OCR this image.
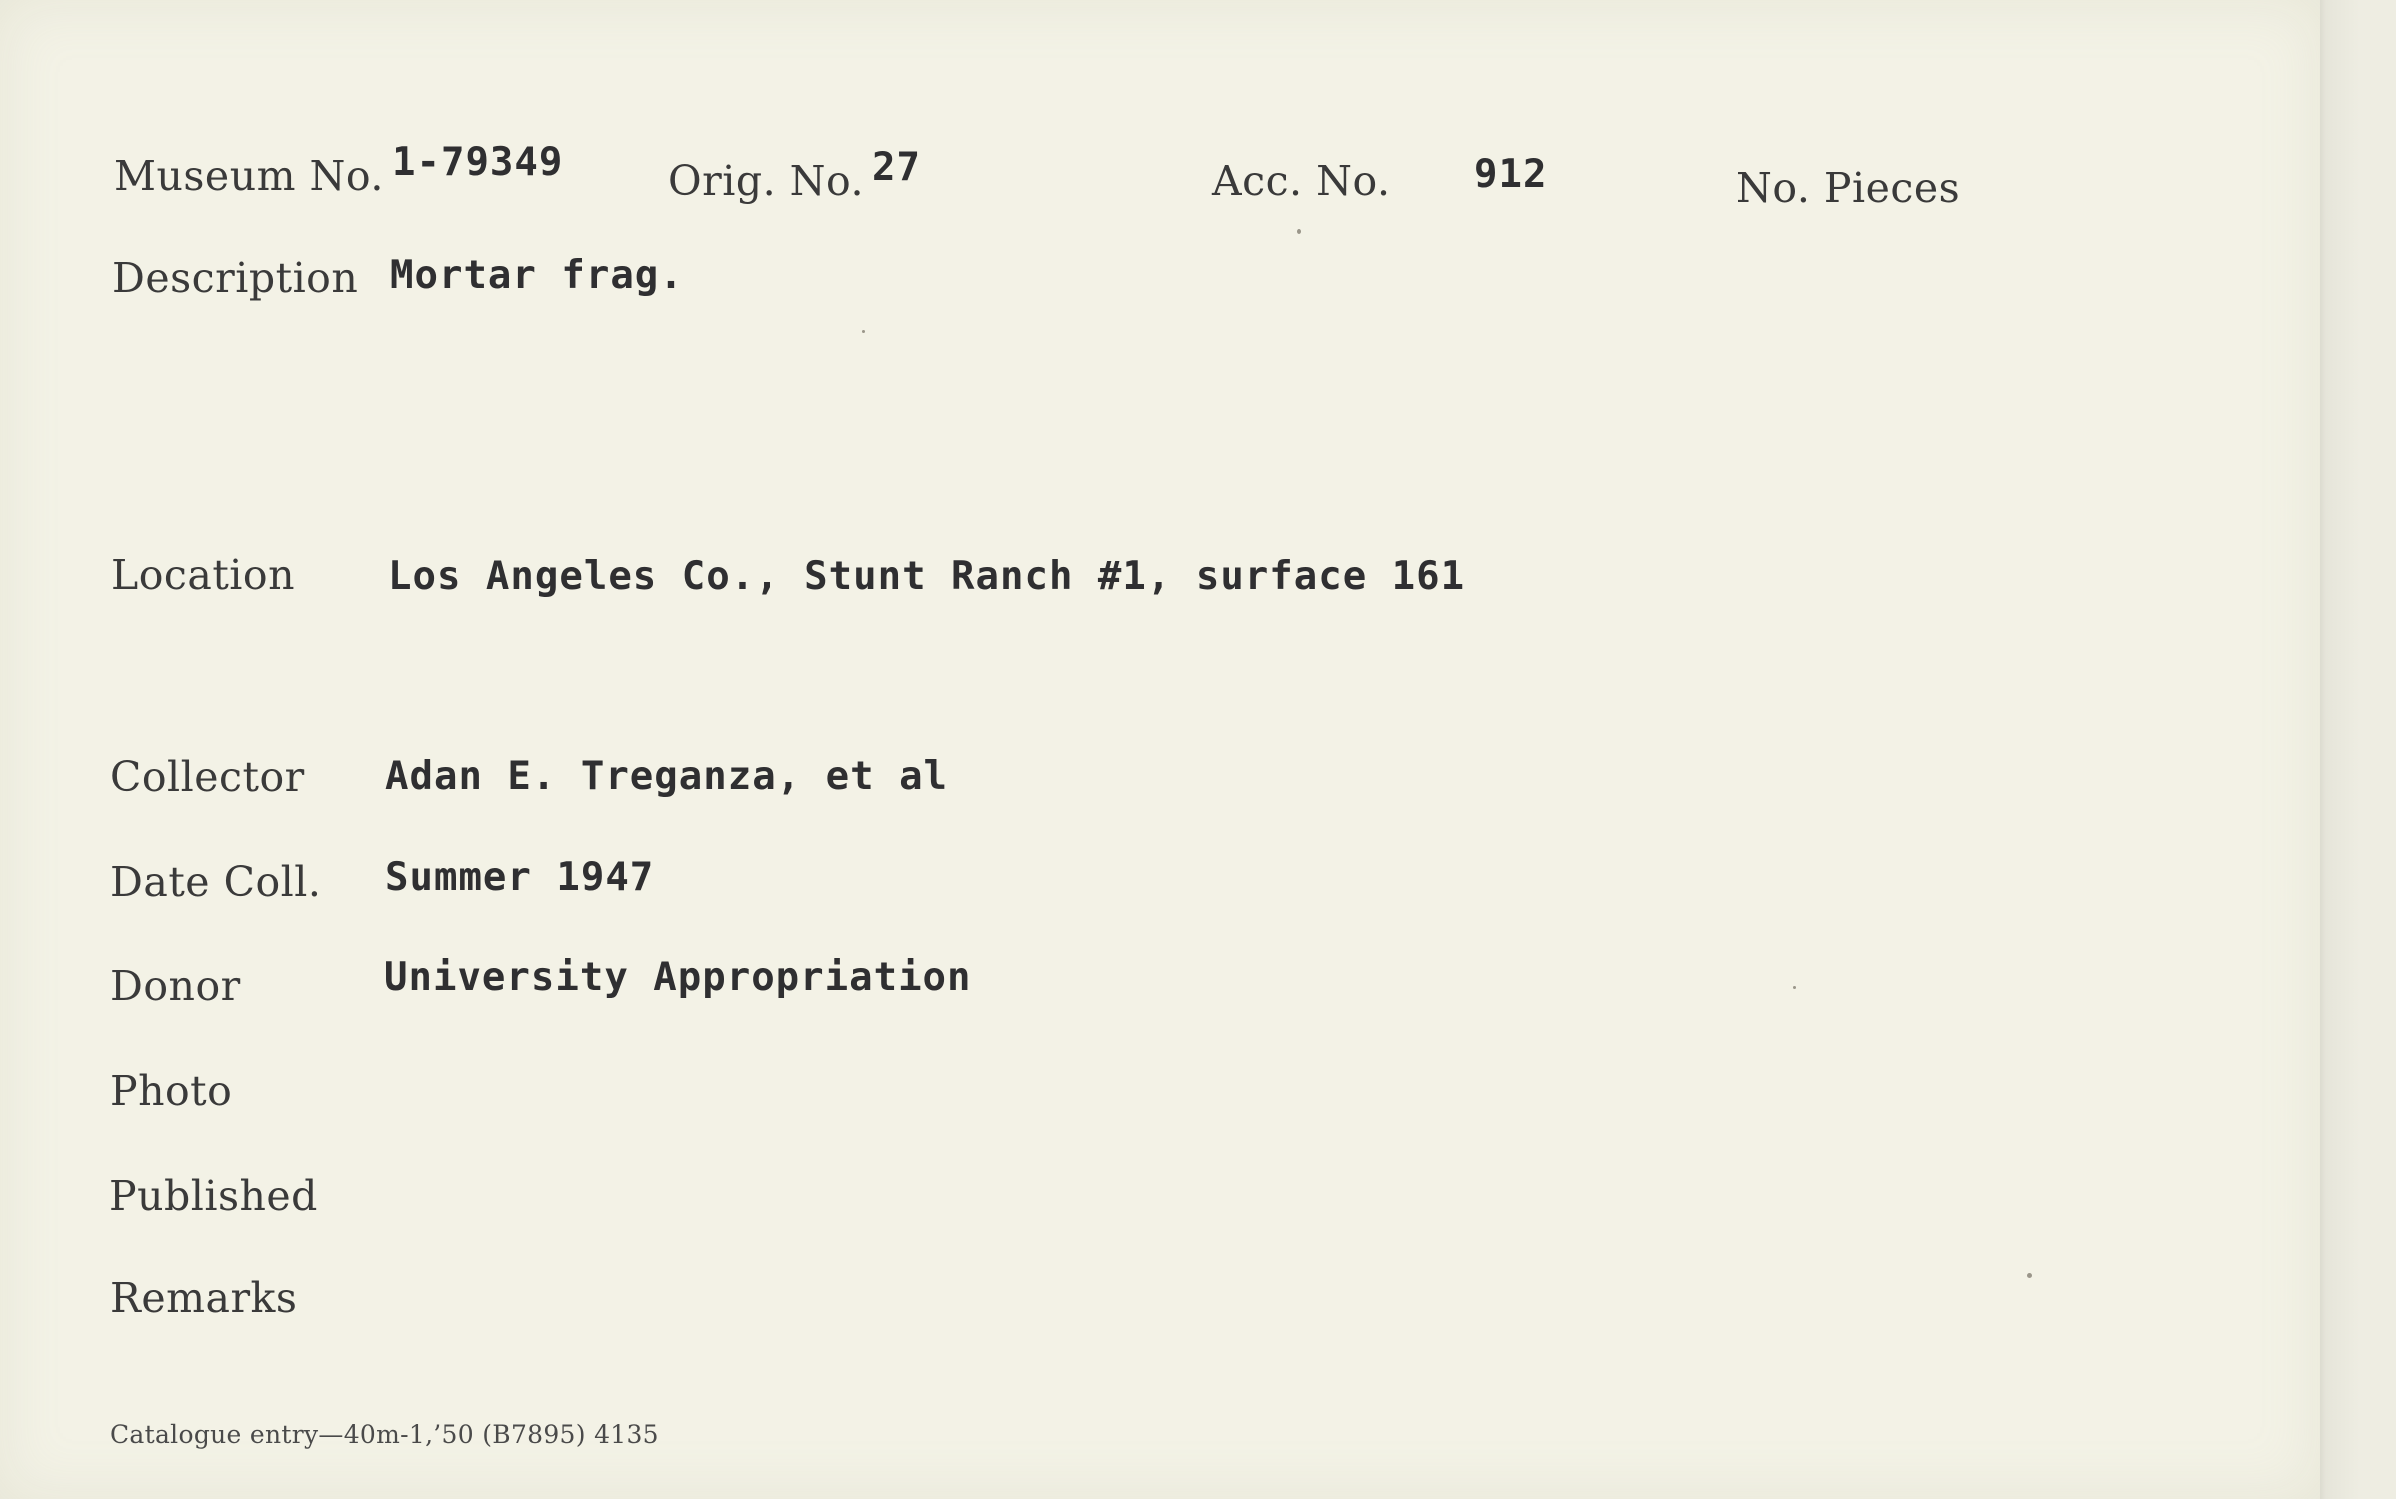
Museum No. 1-79349	Orig. No. 27	Acc. No. 912	No. Pieces
Description Mortar frag.
Location Los Angeles Co., Stunt Ranch #1, surface 161
Collector Adan E. Treganza, et al
Date Coll. Summer 1947
Donor	University Appropriation
Photo
Published
Remarks
Catalogue entry—40m-1,’50 (B7895) 4135
